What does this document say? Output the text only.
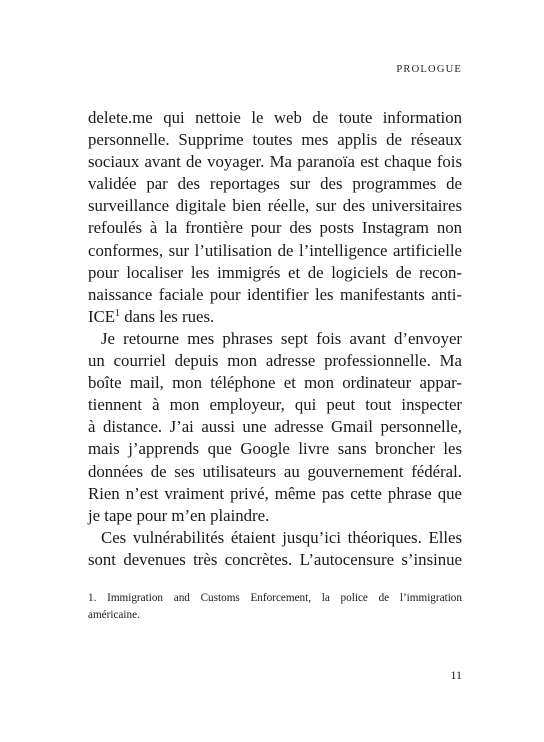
PROLOGUE
delete.me qui nettoie le web de toute information
personnelle. Supprime toutes mes applis de réseaux
sociaux avant de voyager. Ma paranoïa est chaque fois
validée par des reportages sur des programmes de
surveillance digitale bien réelle, sur des universitaires
refoulés à la frontière pour des posts Instagram non
conformes, sur l’utilisation de l’intelligence artificielle
pour localiser les immigrés et de logiciels de recon-
naissance faciale pour identifier les manifestants anti-
ICE$^1$ dans les rues.
Je retourne mes phrases sept fois avant d’envoyer
un courriel depuis mon adresse professionnelle. Ma
boîte mail, mon téléphone et mon ordinateur appar-
tiennent à mon employeur, qui peut tout inspecter
à distance. J’ai aussi une adresse Gmail personnelle,
mais j’apprends que Google livre sans broncher les
données de ses utilisateurs au gouvernement fédéral.
Rien n’est vraiment privé, même pas cette phrase que
je tape pour m’en plaindre.
Ces vulnérabilités étaient jusqu’ici théoriques. Elles
sont devenues très concrètes. L’autocensure s’insinue
1. Immigration and Customs Enforcement, la police de l’immigration
américaine.
11
